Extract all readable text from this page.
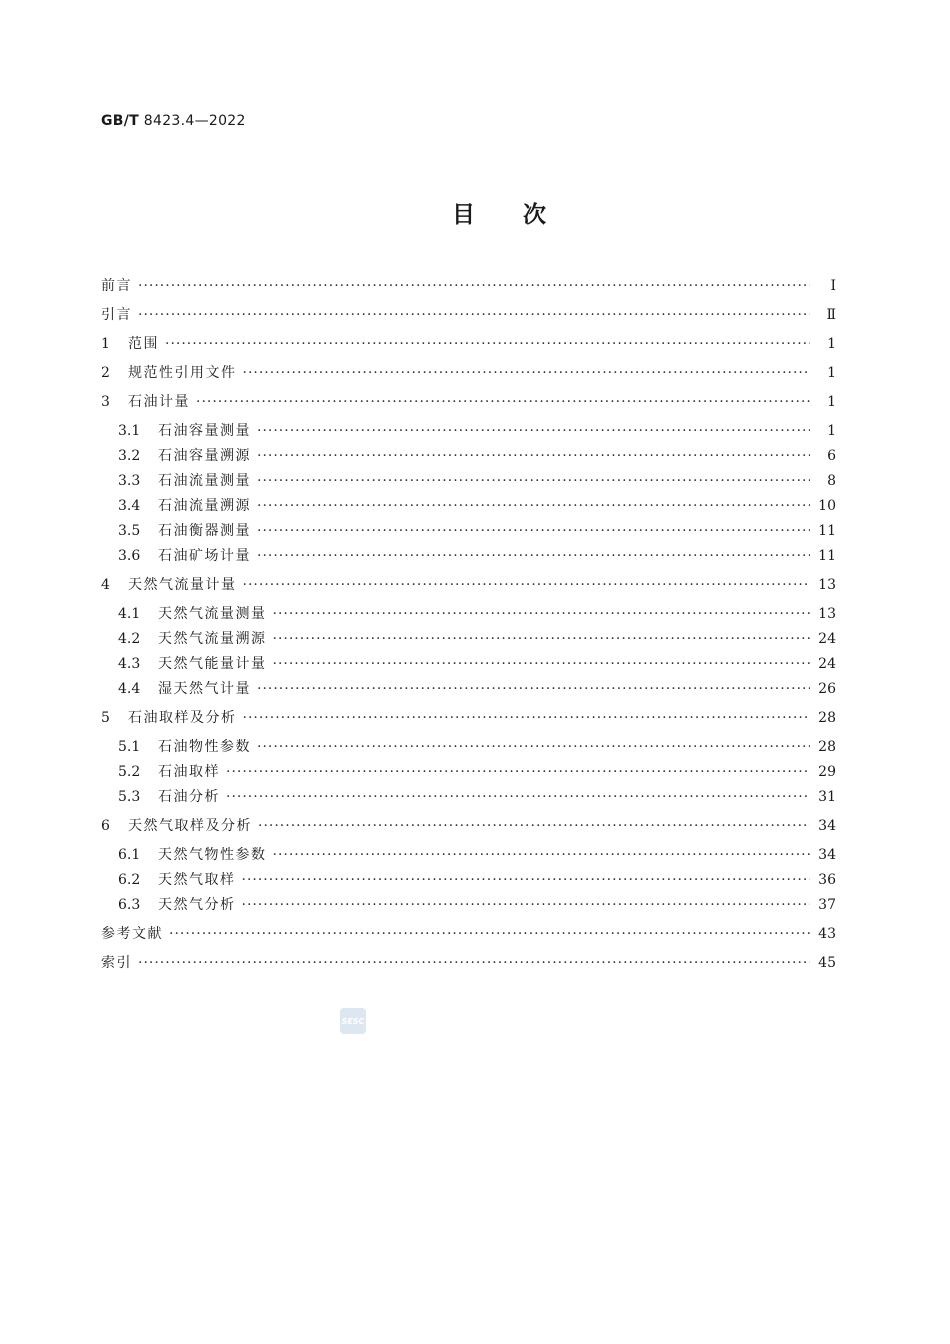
GB/T 8423.4—2022
目次
前言 ·····	Ⅰ
引言 ·····	Ⅱ
1	范围 ·····	1
2	规范性引用文件 ·····	1
3	石油计量 ·····	1
3.1	石油容量测量 ·····	1
3.2	石油容量溯源 ·····	6
3.3	石油流量测量 ·····	8
3.4	石油流量溯源 ·····	10
3.5	石油衡器测量 ·····	11
3.6	石油矿场计量 ·····	11
4	天然气流量计量 ·····	13
4.1	天然气流量测量 ·····	13
4.2	天然气流量溯源 ·····	24
4.3	天然气能量计量 ·····	24
4.4	湿天然气计量 ·····	26
5	石油取样及分析 ·····	28
5.1	石油物性参数 ·····	28
5.2	石油取样 ·····	29
5.3	石油分析 ·····	31
6	天然气取样及分析 ·····	34
6.1	天然气物性参数 ·····	34
6.2	天然气取样 ·····	36
6.3	天然气分析 ·····	37
参考文献 ·····	43
索引 ·····	45
SESC
